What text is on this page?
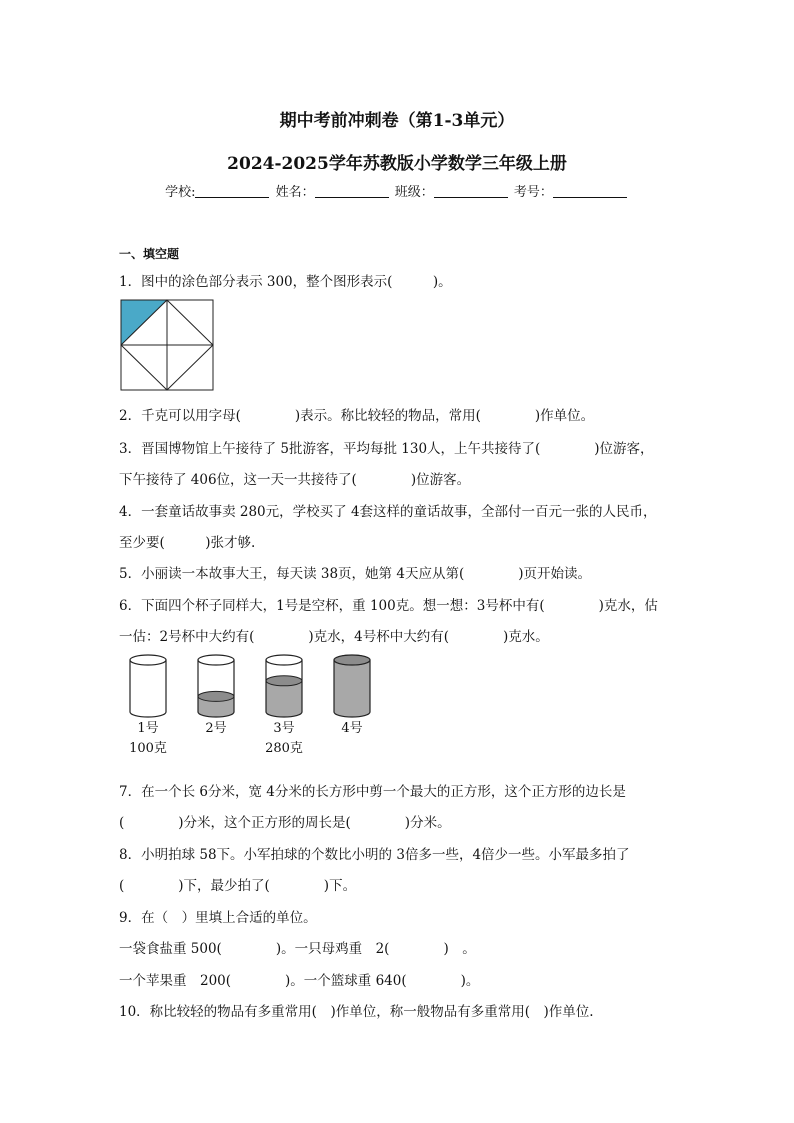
期中考前冲刺卷（第1-3单元）
2024-2025学年苏教版小学数学三年级上册
学校:	姓名：	班级：	考号：
一、填空题
1．图中的涂色部分表示 300，整个图形表示(　　　)。
2．千克可以用字母(　　　　)表示。称比较轻的物品，常用(　　　　)作单位。
3．晋国博物馆上午接待了 5批游客，平均每批 130人，上午共接待了(　　　　)位游客，
下午接待了 406位，这一天一共接待了(　　　　)位游客。
4．一套童话故事卖 280元，学校买了 4套这样的童话故事，全部付一百元一张的人民币，
至少要(　　　)张才够.
5．小丽读一本故事大王，每天读 38页，她第 4天应从第(　　　　)页开始读。
6．下面四个杯子同样大，1号是空杯，重 100克。想一想：3号杯中有(　　　　)克水，估
一估：2号杯中大约有(　　　　)克水，4号杯中大约有(　　　　)克水。
1号
100克
2号	3号
280克
4号
7．在一个长 6分米，宽 4分米的长方形中剪一个最大的正方形，这个正方形的边长是
(　　　　)分米，这个正方形的周长是(　　　　)分米。
8．小明拍球 58下。小军拍球的个数比小明的 3倍多一些，4倍少一些。小军最多拍了
(　　　　)下，最少拍了(　　　　)下。
9．在（　）里填上合适的单位。
一袋食盐重 500(　　　　)。一只母鸡重　2(　　　　)　。
一个苹果重　200(　　　　)。一个篮球重 640(　　　　)。
10．称比较轻的物品有多重常用(　)作单位，称一般物品有多重常用(　)作单位.
